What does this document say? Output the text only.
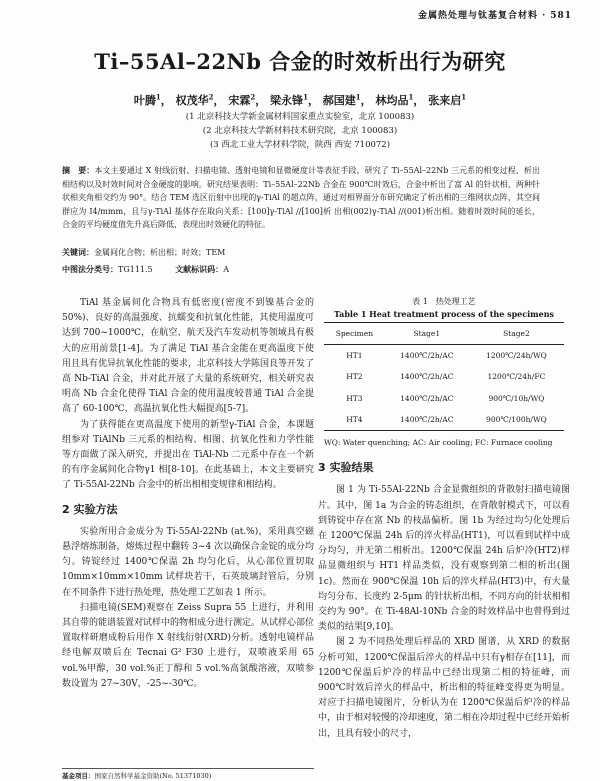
金属热处理与钛基复合材料 · 581
Ti–55Al–22Nb 合金的时效析出行为研究
叶腾$^1$， 权茂华$^2$， 宋霖$^2$， 梁永锋$^1$， 郝国建$^1$， 林均品$^1$， 张来启$^1$
(1 北京科技大学新金属材料国家重点实验室，北京 100083)
(2 北京科技大学新材料技术研究院，北京 100083)
(3 西北工业大学材料学院，陕西 西安 710072)
摘　要：本文主要通过 X 射线衍射、扫描电镜、透射电镜和显微硬度计等表征手段，研究了 Ti–55Al–22Nb 三元系的相变过程、析出相结构以及时效时间对合金硬度的影响。研究结果表明：Ti–55Al–22Nb 合金在 900℃时效后，合金中析出了富 Al 的针状相，两种针状相夹角相交约为 90°。结合 TEM 选区衍射中出现的γ-TiAl 的超点阵，通过对相界面分布研究确定了析出相的三维网状点阵，其空间群应为 I4/mmm，且与γ-TiAl 基体存在取向关系：[100]γ-TiAl //[100]析 出相(002)γ-TiAl //(001)析出相。随着时效时间的延长，合金的平均硬度值先升高后降低，表现出时效硬化的特征。
关键词：金属间化合物；析出相；时效；TEM
中图法分类号：TG111.5	文献标识码：A

TiAl 基金属间化合物具有低密度(密度不到镍基合金的 50%)、良好的高温强度、抗蠕变和抗氧化性能，其使用温度可达到 700~1000℃，在航空、航天及汽车发动机等领域具有极大的应用前景[1-4]。为了满足 TiAl 基合金能在更高温度下使用且具有优异抗氧化性能的要求，北京科技大学陈国良等开发了高 Nb-TiAl 合金，并对此开展了大量的系统研究，相关研究表明高 Nb 合金化使得 TiAl 合金的使用温度较普通 TiAl 合金提高了 60-100℃，高温抗氧化性大幅提高[5-7]。

为了获得能在更高温度下使用的新型γ-TiAl 合金，本课题组参对 TiAlNb 三元系的相结构、相图、抗氧化性和力学性能等方面做了深入研究，并提出在 TiAl-Nb 二元系中存在一个新的有序金属间化合物γ1 相[8-10]。在此基础上，本文主要研究了 Ti-55Al-22Nb 合金中的析出相相变规律和相结构。

2 实验方法

实验所用合金成分为 Ti-55Al-22Nb (at.%)，采用真空磁悬浮熔炼制备，熔炼过程中翻转 3~4 次以确保合金锭的成分均匀。铸锭经过 1400℃保温 2h 均匀化后，从心部位置切取 10mm×10mm×10mm 试样块若干，石英玻璃封管后，分别在不同条件下进行热处理，热处理工艺如表 1 所示。

扫描电镜(SEM)观察在 Zeiss Supra 55 上进行，并利用其自带的能谱装置对试样中的物相成分进行测定。从试样心部位置取样研磨成粉后用作 X 射线衍射(XRD)分析。透射电镜样品经电解双喷后在 Tecnai G² F30 上进行，双喷液采用 65 vol.%甲醇，30 vol.%正丁醇和 5 vol.%高氯酸溶液，双喷参数设置为 27~30V，-25~-30℃。

表 1　热处理工艺
Table 1 Heat treatment process of the specimens
Specimen	Stage1	Stage2
HT1	1400℃/2h/AC	1200℃/24h/WQ
HT2	1400℃/2h/AC	1200℃/24h/FC
HT3	1400℃/2h/AC	900℃/10h/WQ
HT4	1400℃/2h/AC	900℃/100h/WQ
WQ: Water quenching; AC: Air cooling; FC: Furnace cooling
3 实验结果

图 1 为 Ti-55Al-22Nb 合金显微组织的背散射扫描电镜图片。其中，图 1a 为合金的铸态组织，在背散射模式下，可以看到铸锭中存在富 Nb 的枝晶偏析。图 1b 为经过均匀化处理后在 1200℃保温 24h 后的淬火样品(HT1)，可以看到试样中成分均匀，并无第二相析出。1200℃保温 24h 后炉冷(HT2)样品显微组织与 HT1 样品类似，没有观察到第二相的析出(图 1c)。然而在 900℃保温 10h 后的淬火样品(HT3)中，有大量均匀分布、长度约 2-5μm 的针状析出相，不同方向的针状相相交约为 90°。在 Ti-48Al-10Nb 合金的时效样品中也曾得到过类似的结果[9,10]。

图 2 为不同热处理后样品的 XRD 图谱，从 XRD 的数据分析可知，1200℃保温后淬火的样品中只有γ相存在[11]，而 1200℃保温后炉冷的样品中已经出现第二相的特征峰，而 900℃时效后淬火的样品中，析出相的特征峰变得更为明显。对应于扫描电镜图片，分析认为在 1200℃保温后炉冷的样品中，由于相对较慢的冷却速度，第二相在冷却过程中已经开始析出，且具有较小的尺寸，

基金项目：国家自然科学基金资助(No. 51371030)
